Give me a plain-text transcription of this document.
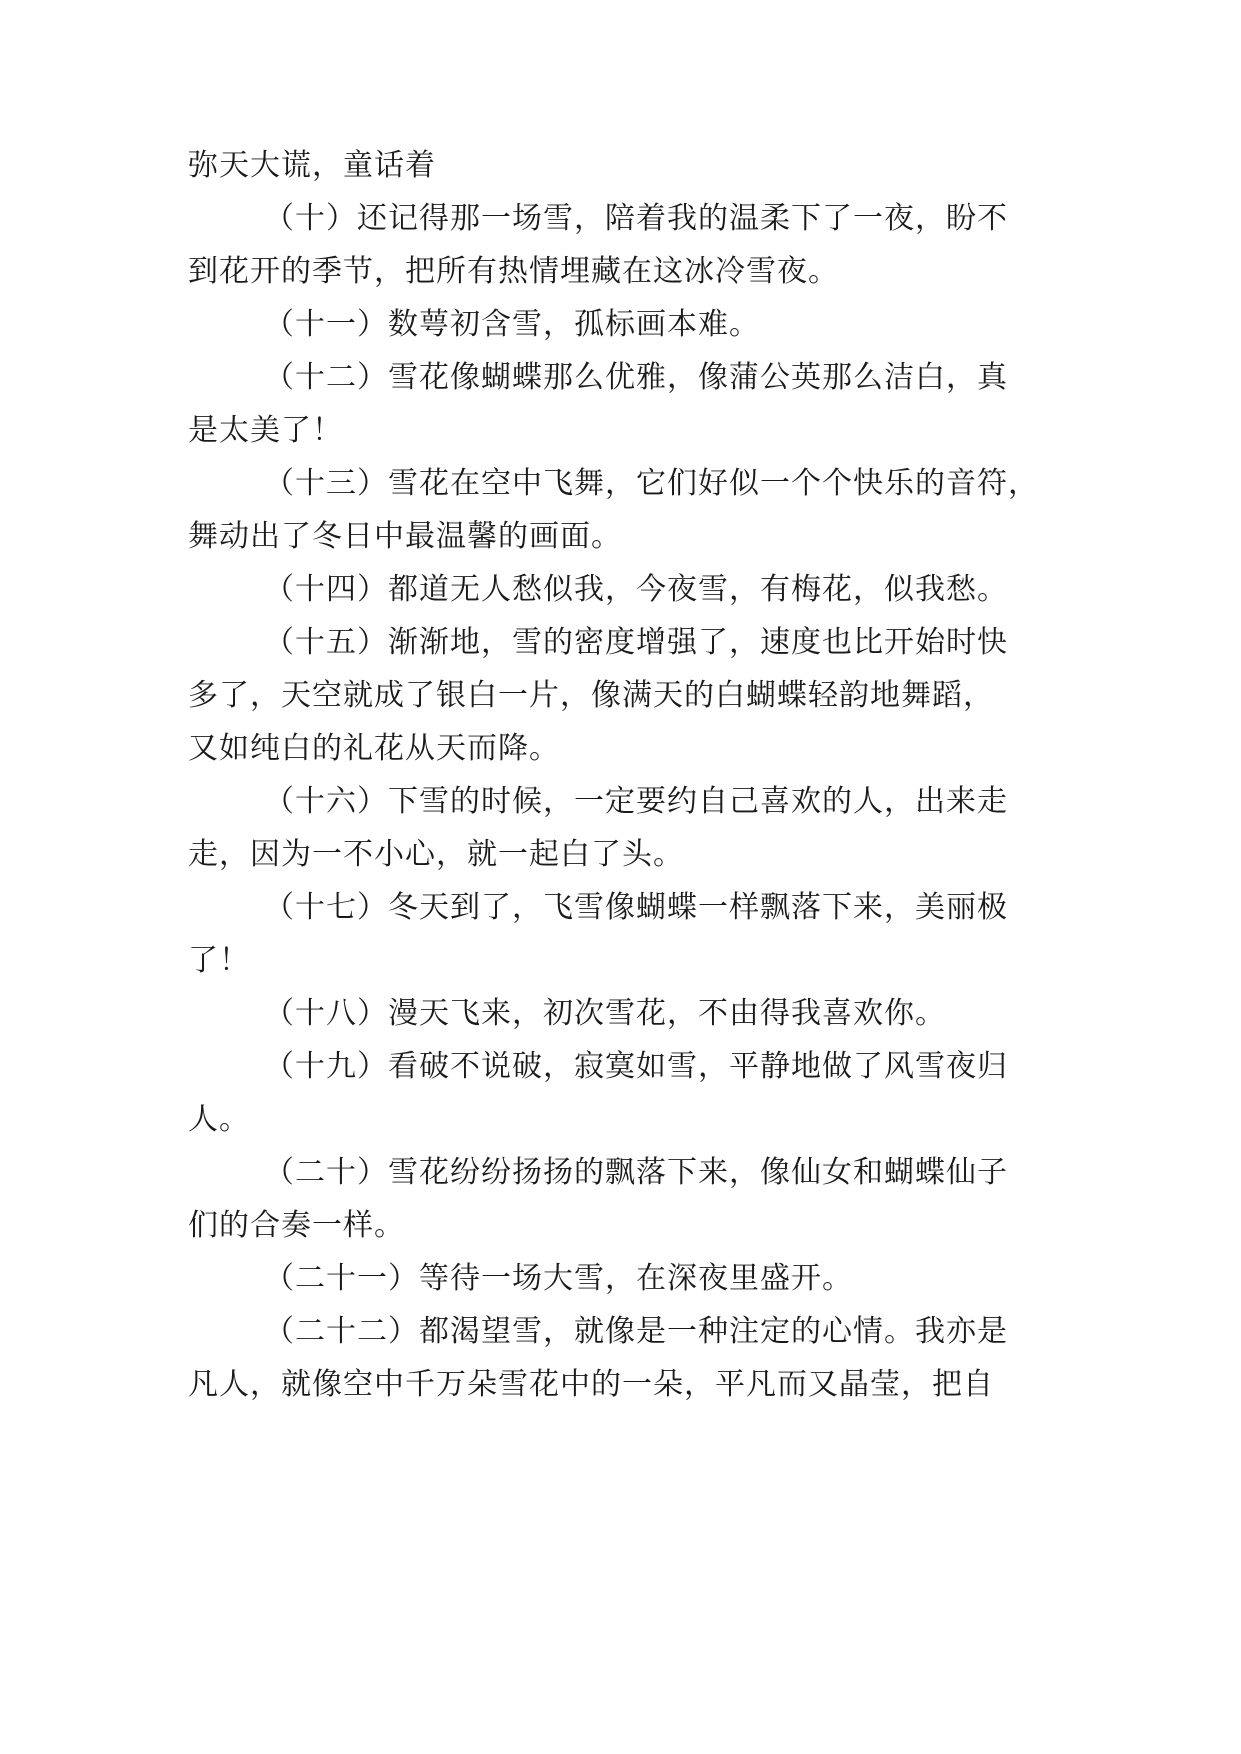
弥天大谎，童话着
（十）还记得那一场雪，陪着我的温柔下了一夜，盼不
到花开的季节，把所有热情埋藏在这冰冷雪夜。
（十一）数萼初含雪，孤标画本难。
（十二）雪花像蝴蝶那么优雅，像蒲公英那么洁白，真
是太美了！
（十三）雪花在空中飞舞，它们好似一个个快乐的音符，
舞动出了冬日中最温馨的画面。
（十四）都道无人愁似我，今夜雪，有梅花，似我愁。
（十五）渐渐地，雪的密度增强了，速度也比开始时快
多了，天空就成了银白一片，像满天的白蝴蝶轻韵地舞蹈，
又如纯白的礼花从天而降。
（十六）下雪的时候，一定要约自己喜欢的人，出来走
走，因为一不小心，就一起白了头。
（十七）冬天到了，飞雪像蝴蝶一样飘落下来，美丽极
了！
（十八）漫天飞来，初次雪花，不由得我喜欢你。
（十九）看破不说破，寂寞如雪，平静地做了风雪夜归
人。
（二十）雪花纷纷扬扬的飘落下来，像仙女和蝴蝶仙子
们的合奏一样。
（二十一）等待一场大雪，在深夜里盛开。
（二十二）都渴望雪，就像是一种注定的心情。我亦是
凡人，就像空中千万朵雪花中的一朵，平凡而又晶莹，把自
